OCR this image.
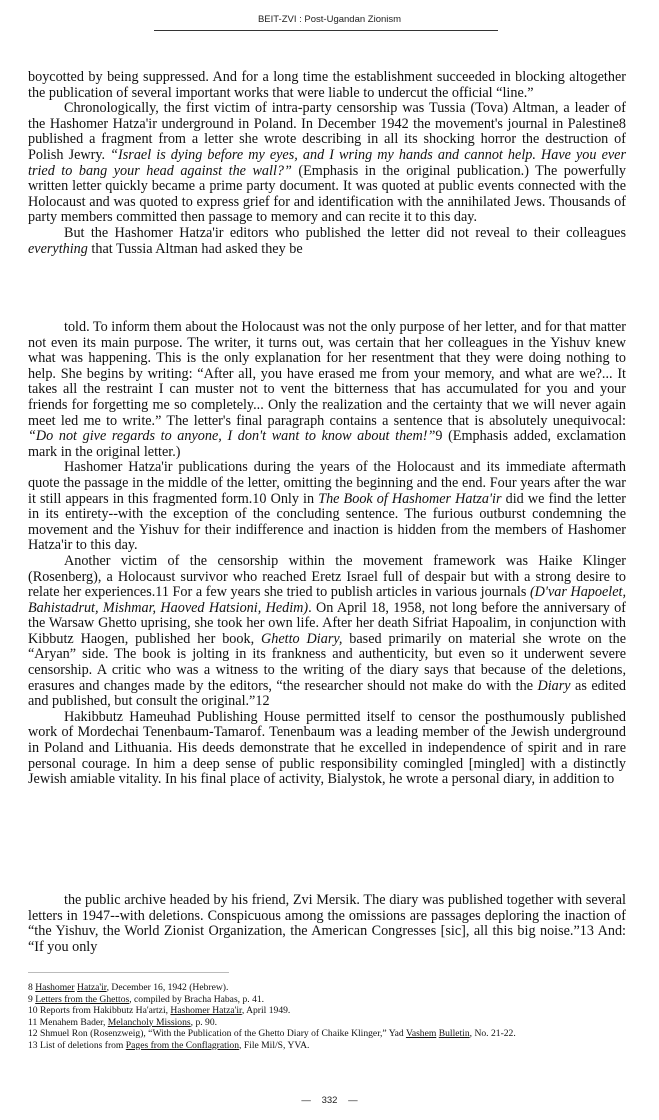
BEIT-ZVI : Post-Ugandan Zionism

boycotted by being suppressed. And for a long time the establishment succeeded in blocking altogether the publication of several important works that were liable to undercut the official “line.”

Chronologically, the first victim of intra-party censorship was Tussia (Tova) Altman, a leader of the Hashomer Hatza'ir underground in Poland. In December 1942 the movement's journal in Palestine8 published a fragment from a letter she wrote describing in all its shocking horror the destruction of Polish Jewry. “Israel is dying before my eyes, and I wring my hands and cannot help. Have you ever tried to bang your head against the wall?” (Emphasis in the original publication.) The powerfully written letter quickly became a prime party document. It was quoted at public events connected with the Holocaust and was quoted to express grief for and identification with the annihilated Jews. Thousands of party members committed then passage to memory and can recite it to this day.

But the Hashomer Hatza'ir editors who published the letter did not reveal to their colleagues everything that Tussia Altman had asked they be

told. To inform them about the Holocaust was not the only purpose of her letter, and for that matter not even its main purpose. The writer, it turns out, was certain that her colleagues in the Yishuv knew what was happening. This is the only explanation for her resentment that they were doing nothing to help. She begins by writing: “After all, you have erased me from your memory, and what are we?... It takes all the restraint I can muster not to vent the bitterness that has accumulated for you and your friends for forgetting me so completely... Only the realization and the certainty that we will never again meet led me to write.” The letter's final paragraph contains a sentence that is absolutely unequivocal: “Do not give regards to anyone, I don't want to know about them!”9 (Emphasis added, exclamation mark in the original letter.)

Hashomer Hatza'ir publications during the years of the Holocaust and its immediate aftermath quote the passage in the middle of the letter, omitting the beginning and the end. Four years after the war it still appears in this fragmented form.10 Only in The Book of Hashomer Hatza'ir did we find the letter in its entirety--with the exception of the concluding sentence. The furious outburst condemning the movement and the Yishuv for their indifference and inaction is hidden from the members of Hashomer Hatza'ir to this day.

Another victim of the censorship within the movement framework was Haike Klinger (Rosenberg), a Holocaust survivor who reached Eretz Israel full of despair but with a strong desire to relate her experiences.11 For a few years she tried to publish articles in various journals (D'var Hapoelet, Bahistadrut, Mishmar, Haoved Hatsioni, Hedim). On April 18, 1958, not long before the anniversary of the Warsaw Ghetto uprising, she took her own life. After her death Sifriat Hapoalim, in conjunction with Kibbutz Haogen, published her book, Ghetto Diary, based primarily on material she wrote on the “Aryan” side. The book is jolting in its frankness and authenticity, but even so it underwent severe censorship. A critic who was a witness to the writing of the diary says that because of the deletions, erasures and changes made by the editors, “the researcher should not make do with the Diary as edited and published, but consult the original.”12

Hakibbutz Hameuhad Publishing House permitted itself to censor the posthumously published work of Mordechai Tenenbaum-Tamarof. Tenenbaum was a leading member of the Jewish underground in Poland and Lithuania. His deeds demonstrate that he excelled in independence of spirit and in rare personal courage. In him a deep sense of public responsibility comingled [mingled] with a distinctly Jewish amiable vitality. In his final place of activity, Bialystok, he wrote a personal diary, in addition to

the public archive headed by his friend, Zvi Mersik. The diary was published together with several letters in 1947--with deletions. Conspicuous among the omissions are passages deploring the inaction of “the Yishuv, the World Zionist Organization, the American Congresses [sic], all this big noise.”13 And: “If you only

8 Hashomer Hatza'ir, December 16, 1942 (Hebrew).
9 Letters from the Ghettos, compiled by Bracha Habas, p. 41.
10 Reports from Hakibbutz Ha'artzi, Hashomer Hatza'ir, April 1949.
11 Menahem Bader, Melancholy Missions, p. 90.
12 Shmuel Ron (Rosenzweig), “With the Publication of the Ghetto Diary of Chaike Klinger,” Yad Vashem Bulletin, No. 21-22.
13 List of deletions from Pages from the Conflagration, File Mil/S, YVA.
— 332 —
